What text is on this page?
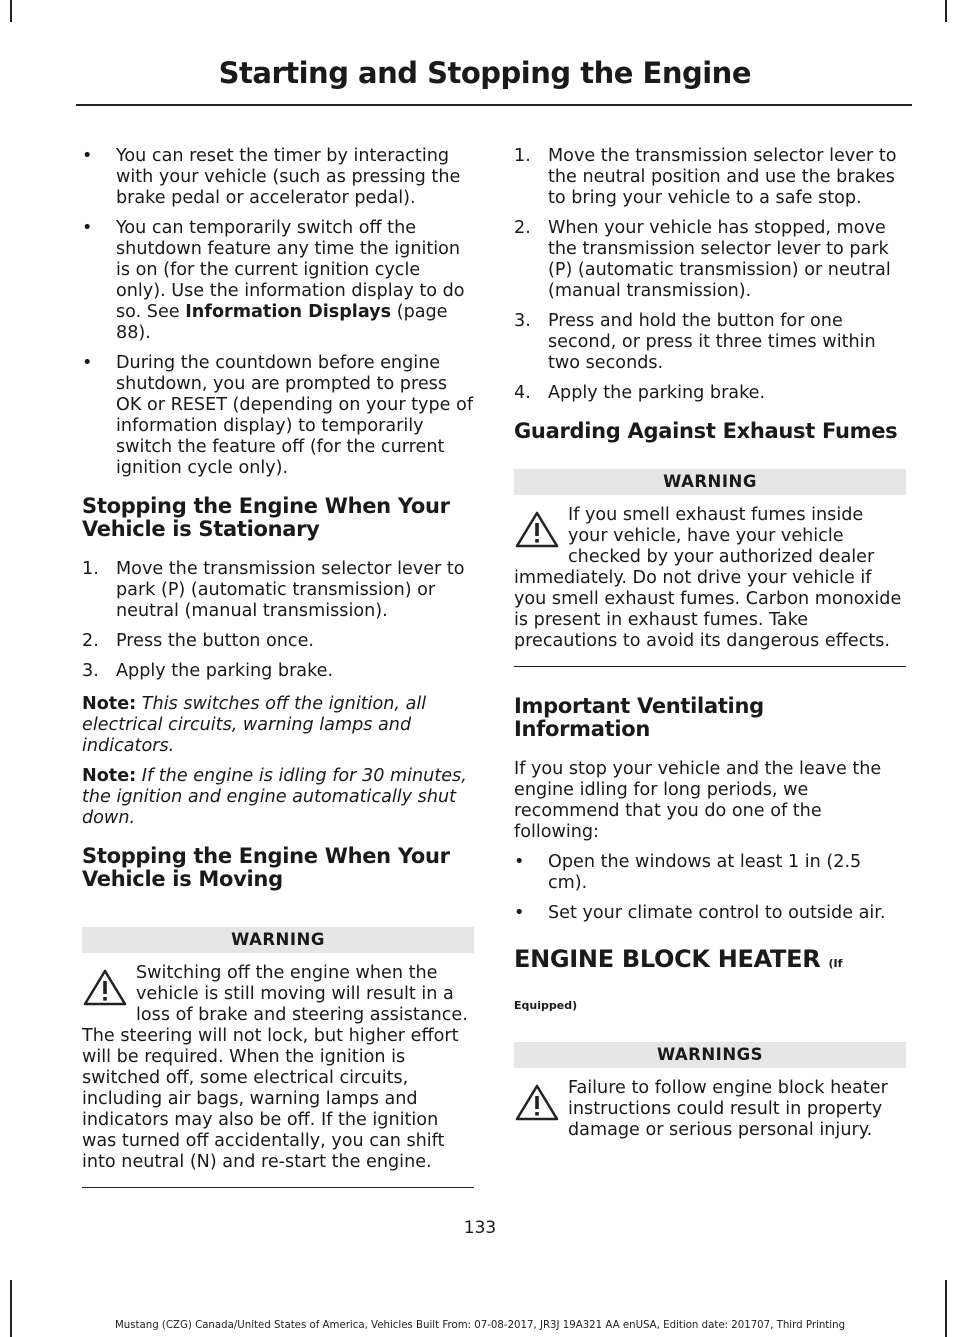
Starting and Stopping the Engine
• You can reset the timer by interacting with your vehicle (such as pressing the brake pedal or accelerator pedal).
• You can temporarily switch off the shutdown feature any time the ignition is on (for the current ignition cycle only). Use the information display to do so. See Information Displays (page 88).
• During the countdown before engine shutdown, you are prompted to press OK or RESET (depending on your type of information display) to temporarily switch the feature off (for the current ignition cycle only).
Stopping the Engine When Your Vehicle is Stationary
1. Move the transmission selector lever to park (P) (automatic transmission) or neutral (manual transmission).
2. Press the button once.
3. Apply the parking brake.

Note: This switches off the ignition, all electrical circuits, warning lamps and indicators.

Note: If the engine is idling for 30 minutes, the ignition and engine automatically shut down.

Stopping the Engine When Your Vehicle is Moving
WARNING
Switching off the engine when the vehicle is still moving will result in a loss of brake and steering assistance. The steering will not lock, but higher effort will be required. When the ignition is switched off, some electrical circuits, including air bags, warning lamps and indicators may also be off. If the ignition was turned off accidentally, you can shift into neutral (N) and re-start the engine.
1. Move the transmission selector lever to the neutral position and use the brakes to bring your vehicle to a safe stop.
2. When your vehicle has stopped, move the transmission selector lever to park (P) (automatic transmission) or neutral (manual transmission).
3. Press and hold the button for one second, or press it three times within two seconds.
4. Apply the parking brake.
Guarding Against Exhaust Fumes
WARNING
If you smell exhaust fumes inside your vehicle, have your vehicle checked by your authorized dealer immediately. Do not drive your vehicle if you smell exhaust fumes. Carbon monoxide is present in exhaust fumes. Take precautions to avoid its dangerous effects.
Important Ventilating Information

If you stop your vehicle and the leave the engine idling for long periods, we recommend that you do one of the following:

• Open the windows at least 1 in (2.5 cm).
• Set your climate control to outside air.
ENGINE BLOCK HEATER (If
Equipped)
WARNINGS
Failure to follow engine block heater instructions could result in property damage or serious personal injury.
133
Mustang (CZG) Canada/United States of America, Vehicles Built From: 07-08-2017, JR3J 19A321 AA enUSA, Edition date: 201707, Third Printing
